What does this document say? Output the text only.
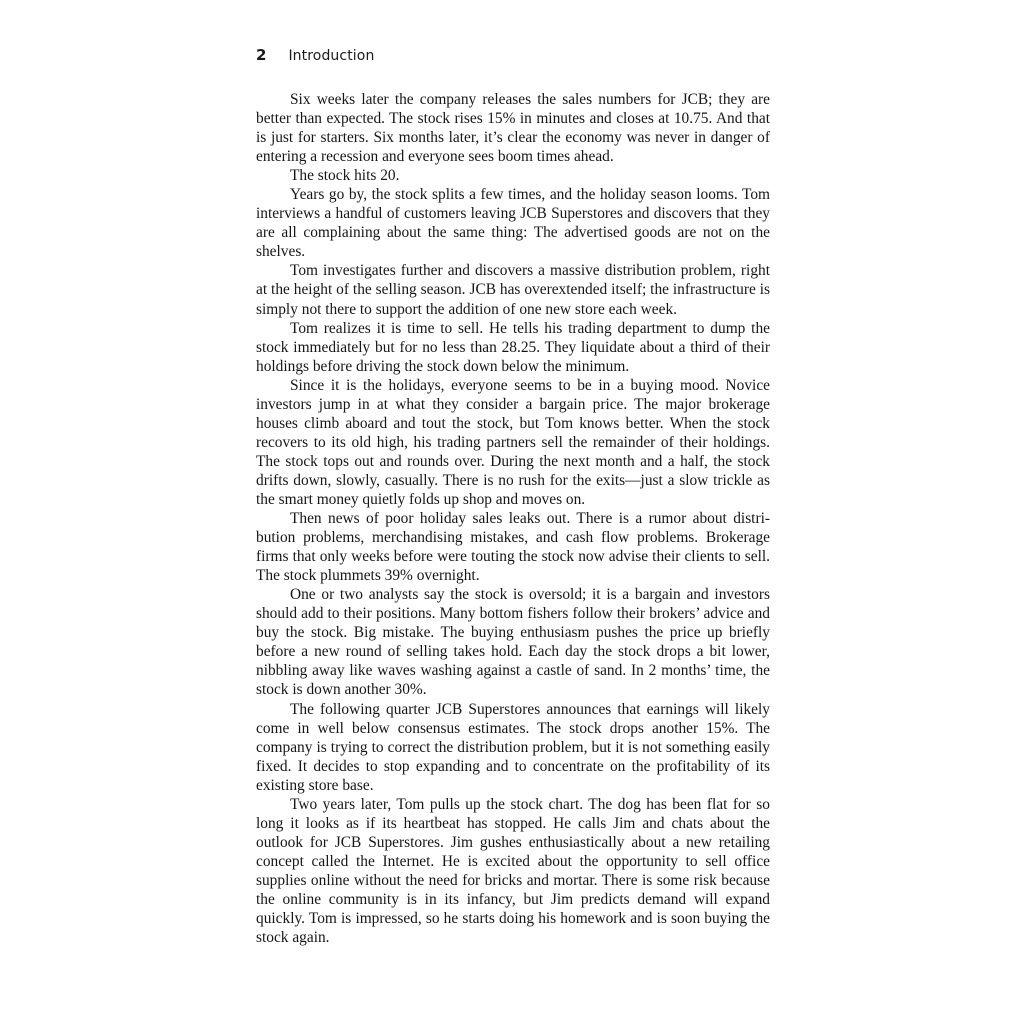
2 Introduction

Six weeks later the company releases the sales numbers for JCB; they are better than expected. The stock rises 15% in minutes and closes at 10.75. And that is just for starters. Six months later, it’s clear the economy was never in danger of entering a recession and everyone sees boom times ahead.

The stock hits 20.

Years go by, the stock splits a few times, and the holiday season looms. Tom interviews a handful of customers leaving JCB Superstores and discovers that they are all complaining about the same thing: The advertised goods are not on the shelves.

Tom investigates further and discovers a massive distribution problem, right at the height of the selling season. JCB has overextended itself; the infrastructure is simply not there to support the addition of one new store each week.

Tom realizes it is time to sell. He tells his trading department to dump the stock immediately but for no less than 28.25. They liquidate about a third of their holdings before driving the stock down below the minimum.

Since it is the holidays, everyone seems to be in a buying mood. Novice investors jump in at what they consider a bargain price. The major brokerage houses climb aboard and tout the stock, but Tom knows better. When the stock recovers to its old high, his trading partners sell the remainder of their holdings. The stock tops out and rounds over. During the next month and a half, the stock drifts down, slowly, casually. There is no rush for the exits—just a slow trickle as the smart money quietly folds up shop and moves on.

Then news of poor holiday sales leaks out. There is a rumor about distribution problems, merchandising mistakes, and cash flow problems. Brokerage firms that only weeks before were touting the stock now advise their clients to sell. The stock plummets 39% overnight.

One or two analysts say the stock is oversold; it is a bargain and investors should add to their positions. Many bottom fishers follow their brokers’ advice and buy the stock. Big mistake. The buying enthusiasm pushes the price up briefly before a new round of selling takes hold. Each day the stock drops a bit lower, nibbling away like waves washing against a castle of sand. In 2 months’ time, the stock is down another 30%.

The following quarter JCB Superstores announces that earnings will likely come in well below consensus estimates. The stock drops another 15%. The company is trying to correct the distribution problem, but it is not something easily fixed. It decides to stop expanding and to concentrate on the profitability of its existing store base.

Two years later, Tom pulls up the stock chart. The dog has been flat for so long it looks as if its heartbeat has stopped. He calls Jim and chats about the outlook for JCB Superstores. Jim gushes enthusiastically about a new retailing concept called the Internet. He is excited about the opportunity to sell office supplies online without the need for bricks and mortar. There is some risk because the online community is in its infancy, but Jim predicts demand will expand quickly. Tom is impressed, so he starts doing his homework and is soon buying the stock again.
